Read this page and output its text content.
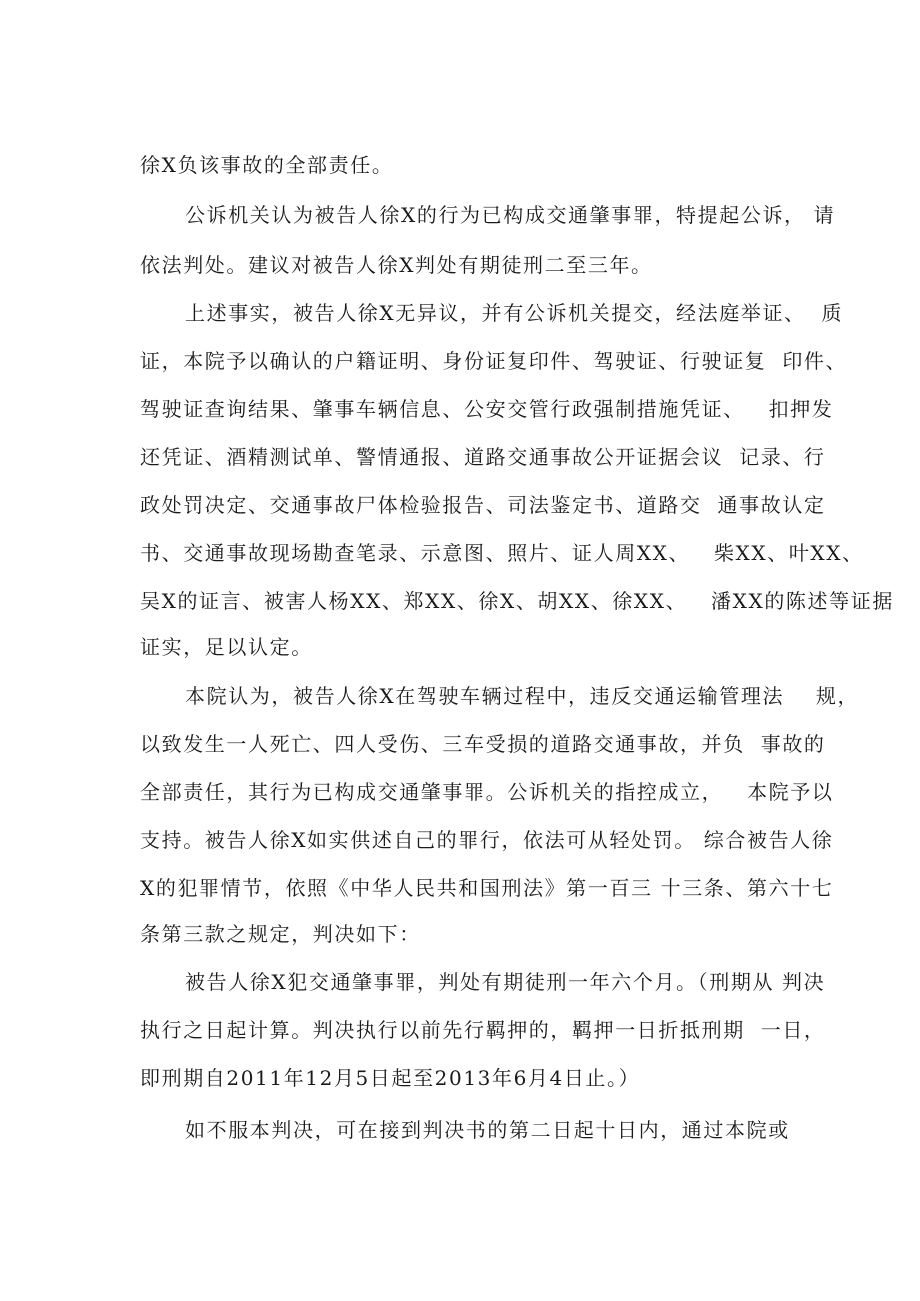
徐X负该事故的全部责任。
公诉机关认为被告人徐X的行为已构成交通肇事罪，特提起公诉， 请
依法判处。建议对被告人徐X判处有期徒刑二至三年。
上述事实，被告人徐X无异议，并有公诉机关提交，经法庭举证、  质
证，本院予以确认的户籍证明、身份证复印件、驾驶证、行驶证复  印件、
驾驶证查询结果、肇事车辆信息、公安交管行政强制措施凭证、   扣押发
还凭证、酒精测试单、警情通报、道路交通事故公开证据会议  记录、行
政处罚决定、交通事故尸体检验报告、司法鉴定书、道路交  通事故认定
书、交通事故现场勘查笔录、示意图、照片、证人周XX、   柴XX、叶XX、
吴X的证言、被害人杨XX、郑XX、徐X、胡XX、徐XX、   潘XX的陈述等证据
证实，足以认定。
本院认为，被告人徐X在驾驶车辆过程中，违反交通运输管理法    规，
以致发生一人死亡、四人受伤、三车受损的道路交通事故，并负  事故的
全部责任，其行为已构成交通肇事罪。公诉机关的指控成立，   本院予以
支持。被告人徐X如实供述自己的罪行，依法可从轻处罚。 综合被告人徐
X的犯罪情节，依照《中华人民共和国刑法》第一百三 十三条、第六十七
条第三款之规定，判决如下：
被告人徐X犯交通肇事罪，判处有期徒刑一年六个月。（刑期从 判决
执行之日起计算。判决执行以前先行羁押的，羁押一日折抵刑期  一日，
即刑期自2011年12月5日起至2013年6月4日止。）
如不服本判决，可在接到判决书的第二日起十日内，通过本院或
